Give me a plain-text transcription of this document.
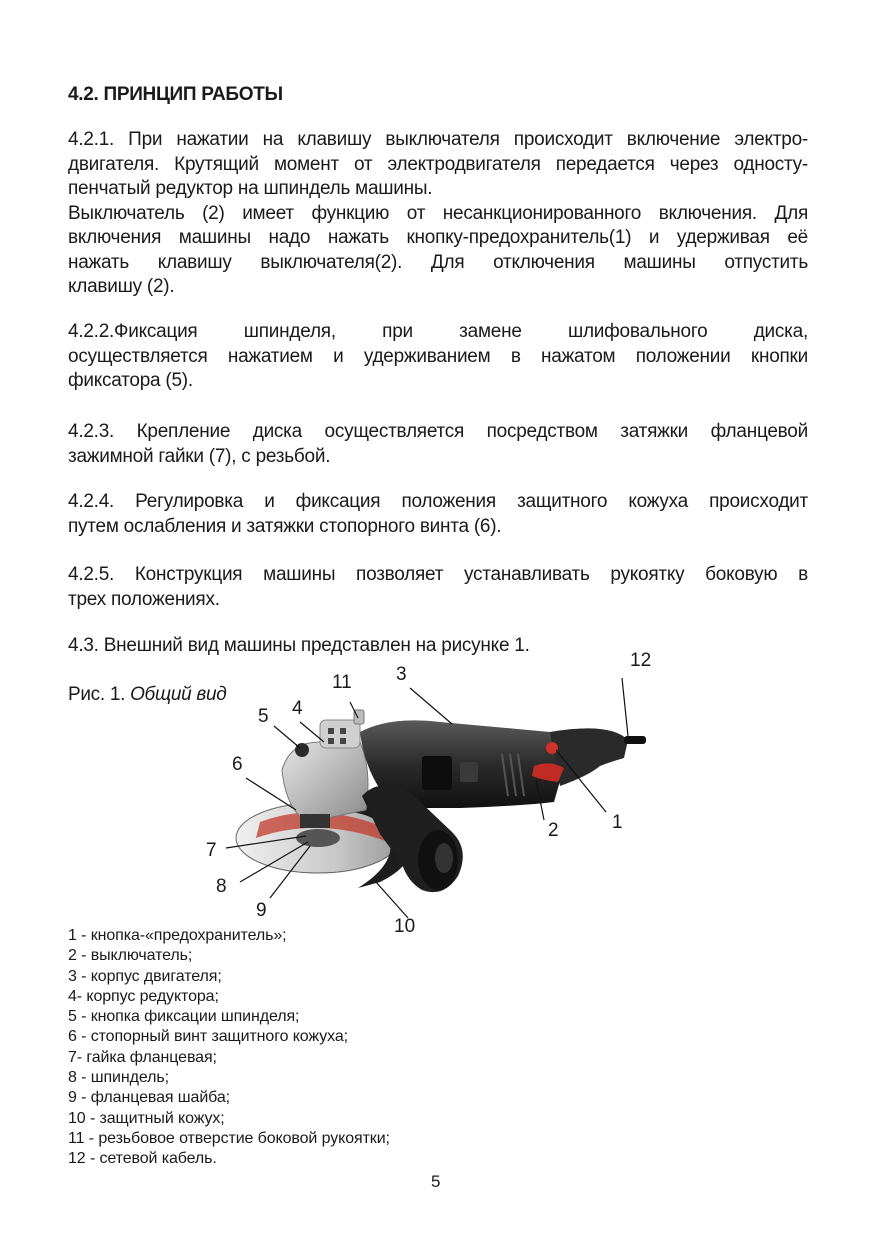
4.2. ПРИНЦИП РАБОТЫ
4.2.1. При нажатии на клавишу выключателя происходит включение электро-
двигателя. Крутящий момент от электродвигателя передается через односту-
пенчатый редуктор на шпиндель машины.
Выключатель (2) имеет функцию от несанкционированного включения. Для
включения машины надо нажать кнопку-предохранитель(1) и удерживая её
нажать клавишу выключателя(2). Для отключения машины отпустить
клавишу (2).
4.2.2.Фиксация шпинделя, при замене шлифовального диска,
осуществляется нажатием и удерживанием в нажатом положении кнопки
фиксатора (5).
4.2.3. Крепление диска осуществляется посредством затяжки фланцевой
зажимной гайки (7), с резьбой.
4.2.4. Регулировка и фиксация положения защитного кожуха происходит
путем ослабления и затяжки стопорного винта (6).
4.2.5. Конструкция машины позволяет устанавливать рукоятку боковую в
трех положениях.
4.3. Внешний вид машины представлен на рисунке 1.
Рис. 1. Общий вид
1
2
3
4
5
6
7
8
9
10
11
12
1 - кнопка-«предохранитель»;
2 - выключатель;
3 - корпус двигателя;
4- корпус редуктора;
5 - кнопка фиксации шпинделя;
6 - стопорный винт защитного кожуха;
7- гайка фланцевая;
8 - шпиндель;
9 - фланцевая шайба;
10 - защитный кожух;
11 - резьбовое отверстие боковой рукоятки;
12 - сетевой кабель.
5
